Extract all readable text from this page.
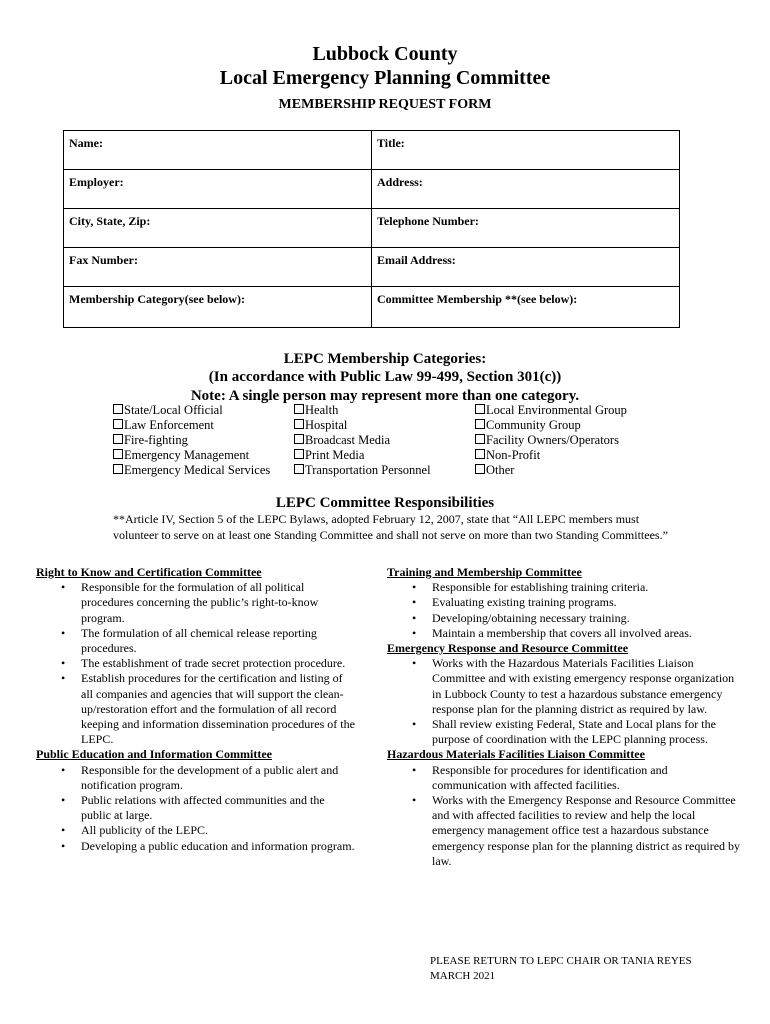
Lubbock County
Local Emergency Planning Committee
MEMBERSHIP REQUEST FORM
Name:	Title:
Employer:	Address:
City, State, Zip:	Telephone Number:
Fax Number:	Email Address:
Membership Category(see below):	Committee Membership **(see below):
LEPC Membership Categories:
(In accordance with Public Law 99-499, Section 301(c))
Note: A single person may represent more than one category.
State/Local Official
Law Enforcement
Fire-fighting
Emergency Management
Emergency Medical Services
Health
Hospital
Broadcast Media
Print Media
Transportation Personnel
Local Environmental Group
Community Group
Facility Owners/Operators
Non-Profit
Other
LEPC Committee Responsibilities
**Article IV, Section 5 of the LEPC Bylaws, adopted February 12, 2007, state that “All LEPC members must volunteer to serve on at least one Standing Committee and shall not serve on more than two Standing Committees.”
Right to Know and Certification Committee
• Responsible for the formulation of all political procedures concerning the public’s right-to-know program.
• The formulation of all chemical release reporting procedures.
• The establishment of trade secret protection procedure.
• Establish procedures for the certification and listing of all companies and agencies that will support the clean-up/restoration effort and the formulation of all record keeping and information dissemination procedures of the LEPC.
Public Education and Information Committee
• Responsible for the development of a public alert and notification program.
• Public relations with affected communities and the public at large.
• All publicity of the LEPC.
• Developing a public education and information program.
Training and Membership Committee
• Responsible for establishing training criteria.
• Evaluating existing training programs.
• Developing/obtaining necessary training.
• Maintain a membership that covers all involved areas.
Emergency Response and Resource Committee
• Works with the Hazardous Materials Facilities Liaison Committee and with existing emergency response organization in Lubbock County to test a hazardous substance emergency response plan for the planning district as required by law.
• Shall review existing Federal, State and Local plans for the purpose of coordination with the LEPC planning process.
Hazardous Materials Facilities Liaison Committee
• Responsible for procedures for identification and communication with affected facilities.
• Works with the Emergency Response and Resource Committee and with affected facilities to review and help the local emergency management office test a hazardous substance emergency response plan for the planning district as required by law.
PLEASE RETURN TO LEPC CHAIR OR TANIA REYES
MARCH 2021
